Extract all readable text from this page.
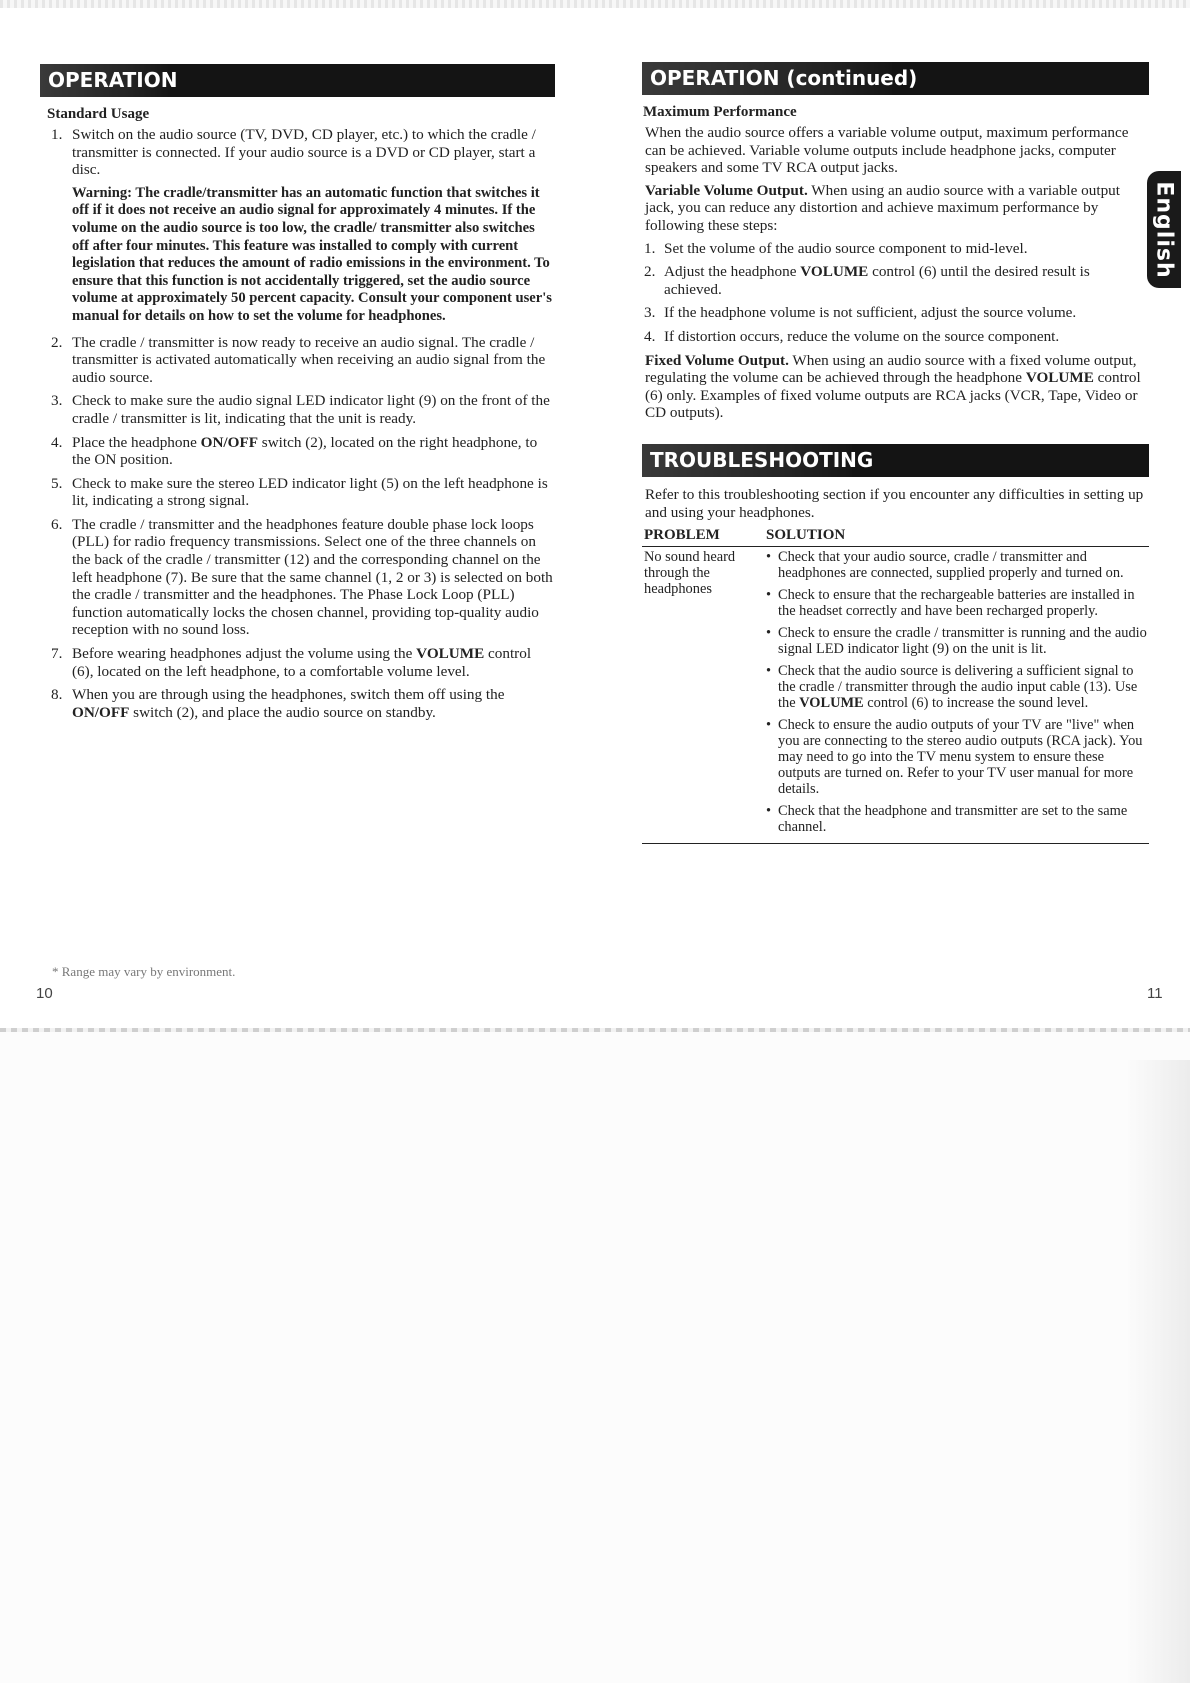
OPERATION
Standard Usage
1. Switch on the audio source (TV, DVD, CD player, etc.) to which the cradle / transmitter is connected. If your audio source is a DVD or CD player, start a disc.
Warning: The cradle/transmitter has an automatic function that switches it off if it does not receive an audio signal for approximately 4 minutes. If the volume on the audio source is too low, the cradle/ transmitter also switches off after four minutes. This feature was installed to comply with current legislation that reduces the amount of radio emissions in the environment. To ensure that this function is not accidentally triggered, set the audio source volume at approximately 50 percent capacity. Consult your component user's manual for details on how to set the volume for headphones.
2. The cradle / transmitter is now ready to receive an audio signal. The cradle / transmitter is activated automatically when receiving an audio signal from the audio source.
3. Check to make sure the audio signal LED indicator light (9) on the front of the cradle / transmitter is lit, indicating that the unit is ready.
4. Place the headphone ON/OFF switch (2), located on the right headphone, to the ON position.
5. Check to make sure the stereo LED indicator light (5) on the left headphone is lit, indicating a strong signal.
6. The cradle / transmitter and the headphones feature double phase lock loops (PLL) for radio frequency transmissions. Select one of the three channels on the back of the cradle / transmitter (12) and the corresponding channel on the left headphone (7). Be sure that the same channel (1, 2 or 3) is selected on both the cradle / transmitter and the headphones. The Phase Lock Loop (PLL) function automatically locks the chosen channel, providing top-quality audio reception with no sound loss.
7. Before wearing headphones adjust the volume using the VOLUME control (6), located on the left headphone, to a comfortable volume level.
8. When you are through using the headphones, switch them off using the ON/OFF switch (2), and place the audio source on standby.
OPERATION (continued)
Maximum Performance

When the audio source offers a variable volume output, maximum performance can be achieved. Variable volume outputs include headphone jacks, computer speakers and some TV RCA output jacks.

Variable Volume Output. When using an audio source with a variable output jack, you can reduce any distortion and achieve maximum performance by following these steps:

1. Set the volume of the audio source component to mid-level.
2. Adjust the headphone VOLUME control (6) until the desired result is achieved.
3. If the headphone volume is not sufficient, adjust the source volume.
4. If distortion occurs, reduce the volume on the source component.

Fixed Volume Output. When using an audio source with a fixed volume output, regulating the volume can be achieved through the headphone VOLUME control (6) only. Examples of fixed volume outputs are RCA jacks (VCR, Tape, Video or CD outputs).

TROUBLESHOOTING

Refer to this troubleshooting section if you encounter any difficulties in setting up and using your headphones.

PROBLEM	SOLUTION
No sound heard through the headphones
• Check that your audio source, cradle / transmitter and headphones are connected, supplied properly and turned on.
• Check to ensure that the rechargeable batteries are installed in the headset correctly and have been recharged properly.
• Check to ensure the cradle / transmitter is running and the audio signal LED indicator light (9) on the unit is lit.
• Check that the audio source is delivering a sufficient signal to the cradle / transmitter through the audio input cable (13). Use the VOLUME control (6) to increase the sound level.
• Check to ensure the audio outputs of your TV are "live" when you are connecting to the stereo audio outputs (RCA jack). You may need to go into the TV menu system to ensure these outputs are turned on. Refer to your TV user manual for more details.
• Check that the headphone and transmitter are set to the same channel.
English
* Range may vary by environment.
10	11
